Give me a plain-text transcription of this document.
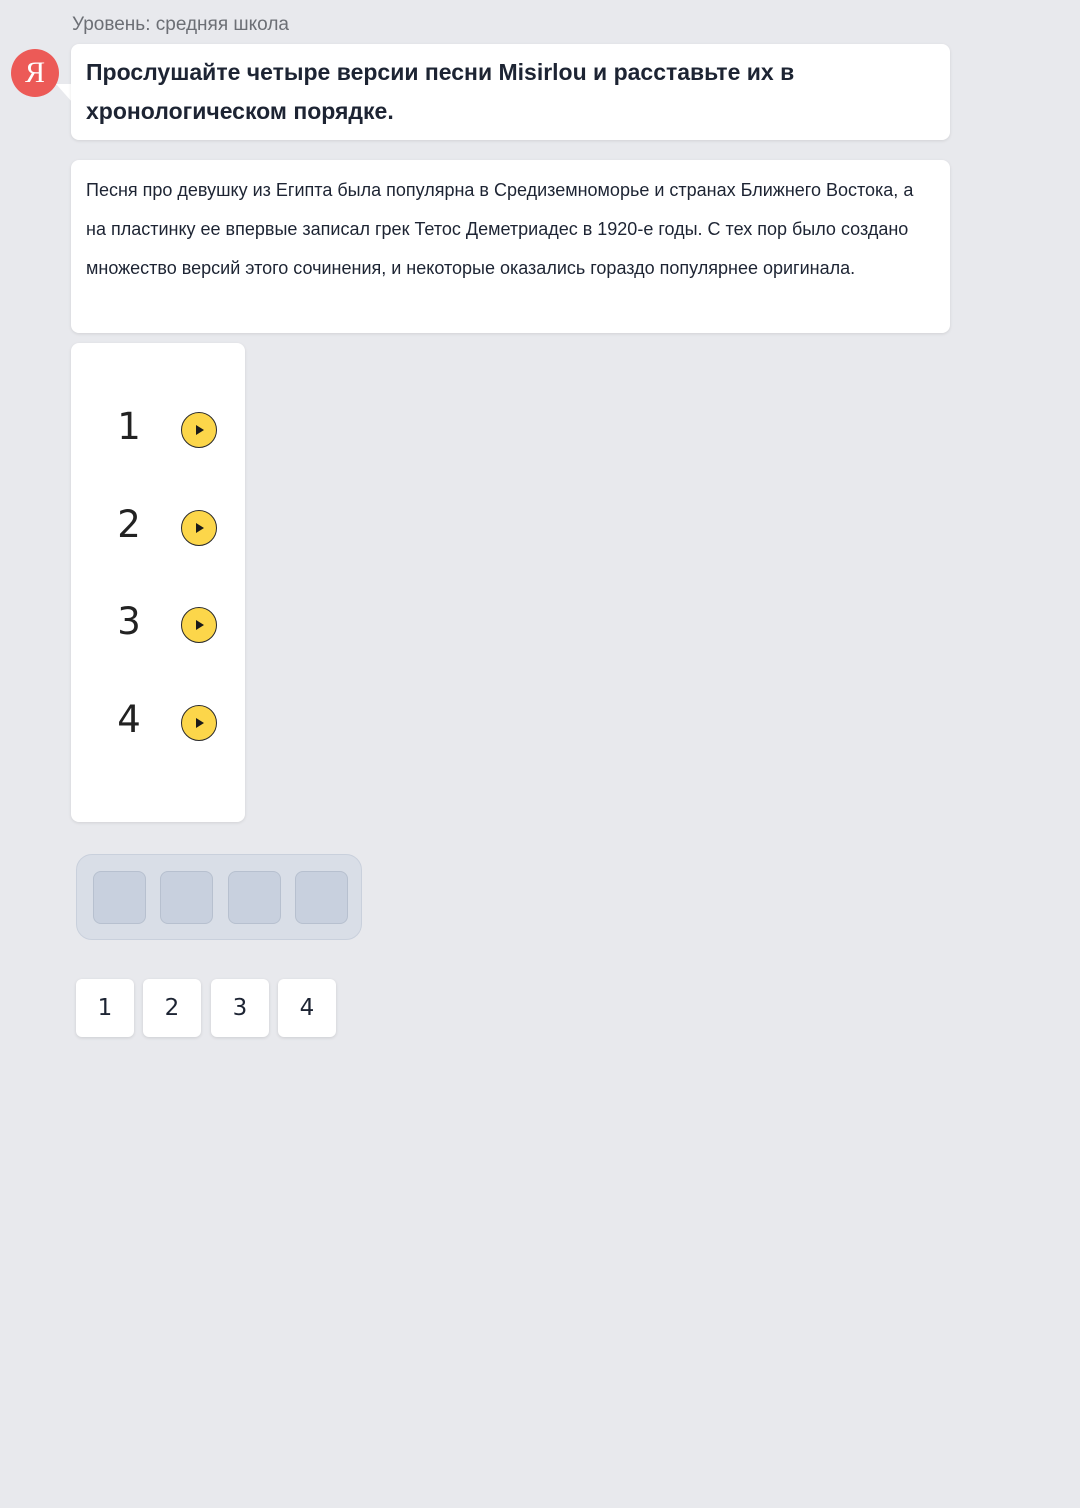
Уровень: средняя школа
Я	Прослушайте четыре версии песни Misirlou и расставьте их в хронологическом порядке.
Песня про девушку из Египта была популярна в Средиземноморье и странах Ближнего Востока, а на пластинку ее впервые записал грек Тетос Деметриадес в 1920-е годы. С тех пор было создано множество версий этого сочинения, и некоторые оказались гораздо популярнее оригинала.
1
2
3
4
1	2	3	4
